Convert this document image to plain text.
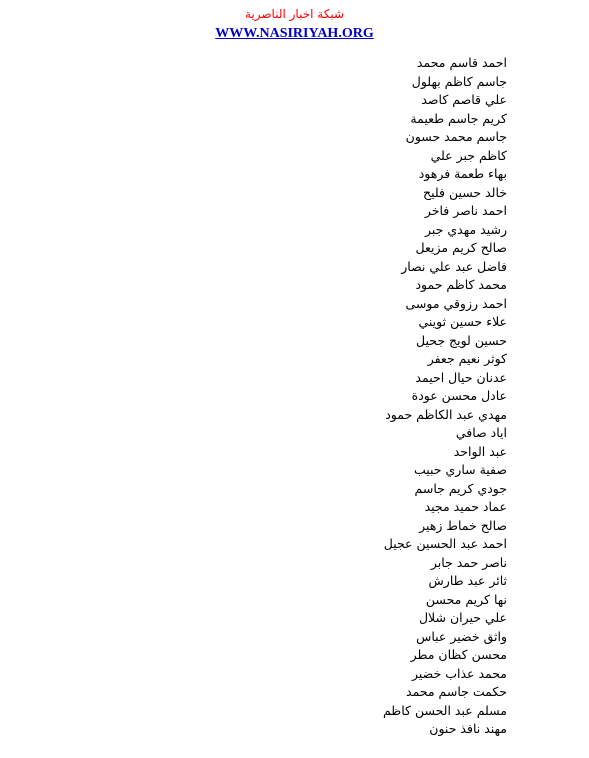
شبكة اخبار الناصرية
WWW.NASIRIYAH.ORG
احمد قاسم محمد
جاسم كاظم بهلول
علي قاصم كاصد
كريم جاسم طعيمة
جاسم محمد حسون
كاظم جبر علي
بهاء طعمة فرهود
خالد حسين فليح
احمد ناصر فاخر
رشيد مهدي جبر
صالح كريم مزيعل
فاضل عبد علي نصار
محمد كاظم حمود
احمد رزوقي موسى
علاء حسين ثويني
حسين لويج جحيل
كوثر نعيم جعفر
عدنان حيال احيمد
عادل محسن عودة
مهدي عبد الكاظم حمود
اياد صافي
عبد الواحد
صفية ساري حبيب
جودي كريم جاسم
عماد حميد مجيد
صالح خماط زهير
احمد عبد الحسين عجيل
ناصر حمد جابر
ثائر عبد طارش
نها كريم محسن
علي حيران شلال
واثق خضير عباس
محسن كظان مطر
محمد عذاب خضير
حكمت جاسم محمد
مسلم عبد الحسن كاظم
مهند نافذ حنون
